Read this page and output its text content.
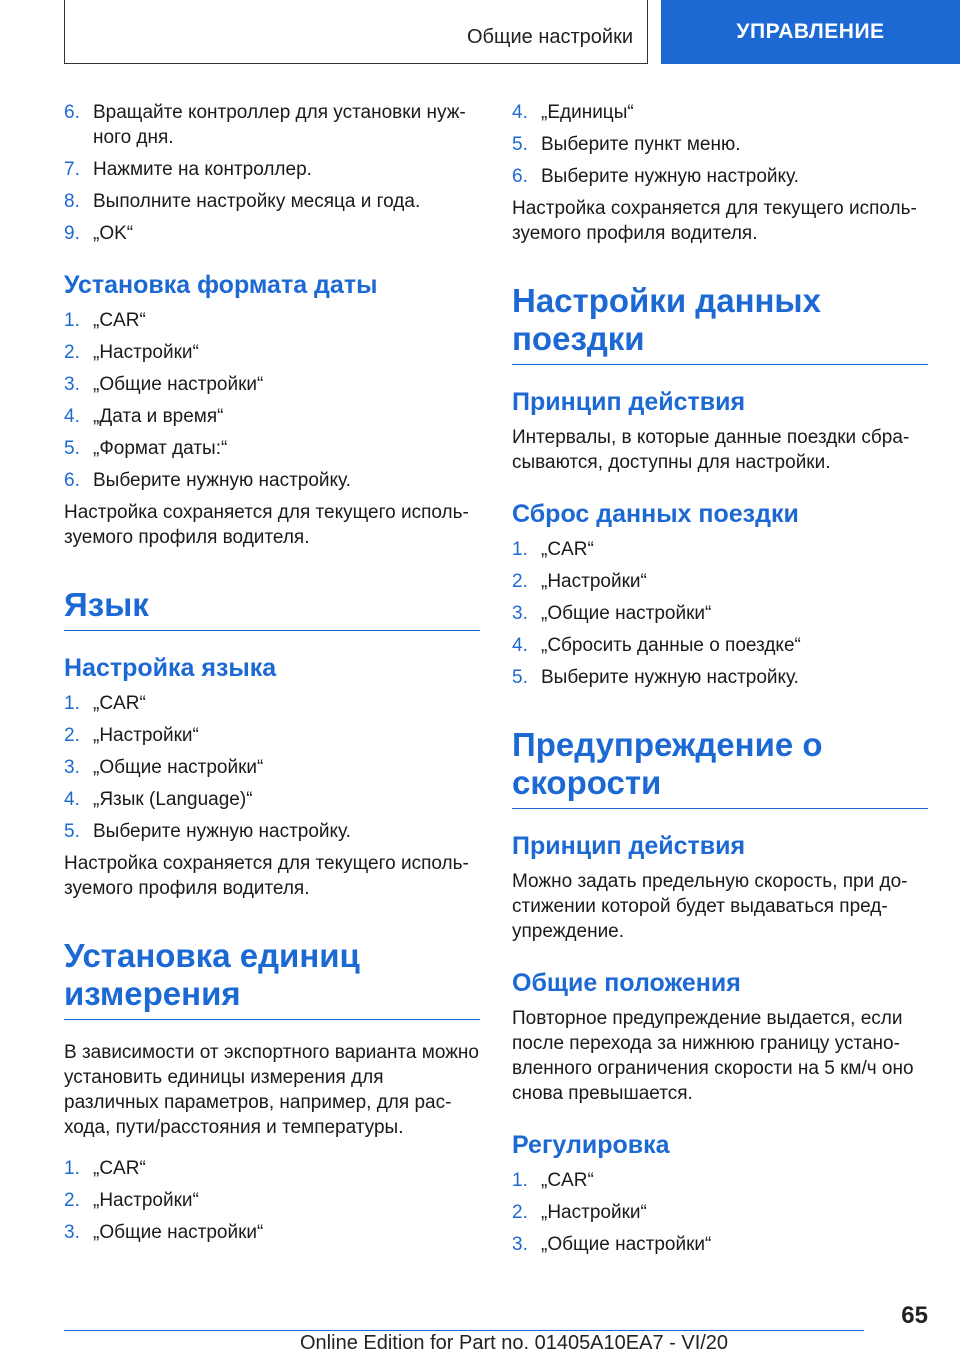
Общие настройки	УПРАВЛЕНИЕ
6. Вращайте контроллер для установки нуж-ного дня.
7. Нажмите на контроллер.
8. Выполните настройку месяца и года.
9. „OK“
Установка формата даты
1. „CAR“
2. „Настройки“
3. „Общие настройки“
4. „Дата и время“
5. „Формат даты:“
6. Выберите нужную настройку.
Настройка сохраняется для текущего исполь-зуемого профиля водителя.
Язык
Настройка языка
1. „CAR“
2. „Настройки“
3. „Общие настройки“
4. „Язык (Language)“
5. Выберите нужную настройку.
Настройка сохраняется для текущего исполь-зуемого профиля водителя.
Установка единиц измерения
В зависимости от экспортного варианта можно установить единицы измерения для различных параметров, например, для рас-хода, пути/расстояния и температуры.
1. „CAR“
2. „Настройки“
3. „Общие настройки“
4. „Единицы“
5. Выберите пункт меню.
6. Выберите нужную настройку.
Настройка сохраняется для текущего исполь-зуемого профиля водителя.
Настройки данных поездки
Принцип действия
Интервалы, в которые данные поездки сбра-сываются, доступны для настройки.
Сброс данных поездки
1. „CAR“
2. „Настройки“
3. „Общие настройки“
4. „Сбросить данные о поездке“
5. Выберите нужную настройку.
Предупреждение о скорости
Принцип действия
Можно задать предельную скорость, при до-стижении которой будет выдаваться пред-упреждение.
Общие положения
Повторное предупреждение выдается, если после перехода за нижнюю границу устано-вленного ограничения скорости на 5 км/ч оно снова превышается.
Регулировка
1. „CAR“
2. „Настройки“
3. „Общие настройки“
65
Online Edition for Part no. 01405A10EA7 - VI/20
